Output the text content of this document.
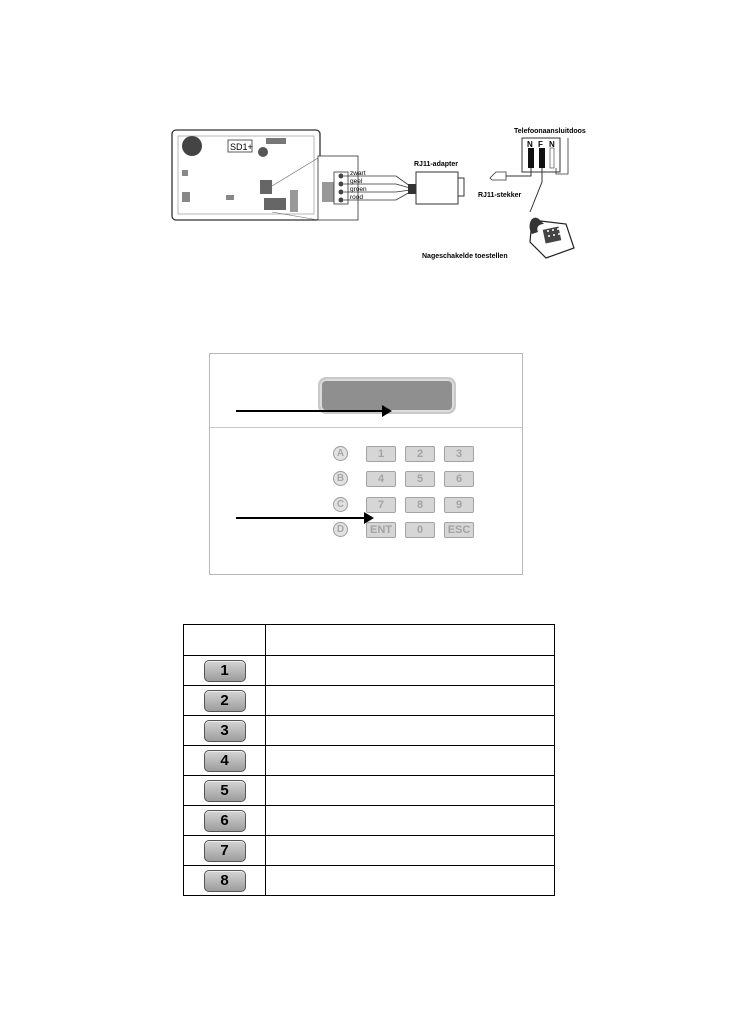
SD1+
zwart
geel
groen
rood
RJ11-adapter
N F N
Telefoonaansluitdoos
RJ11-stekker
Nageschakelde toestellen
A
B
C
D
1	2	3
4	5	6
7	8	9
ENT	0	ESC

1	
2	
3	
4	
5	
6	
7	
8	
